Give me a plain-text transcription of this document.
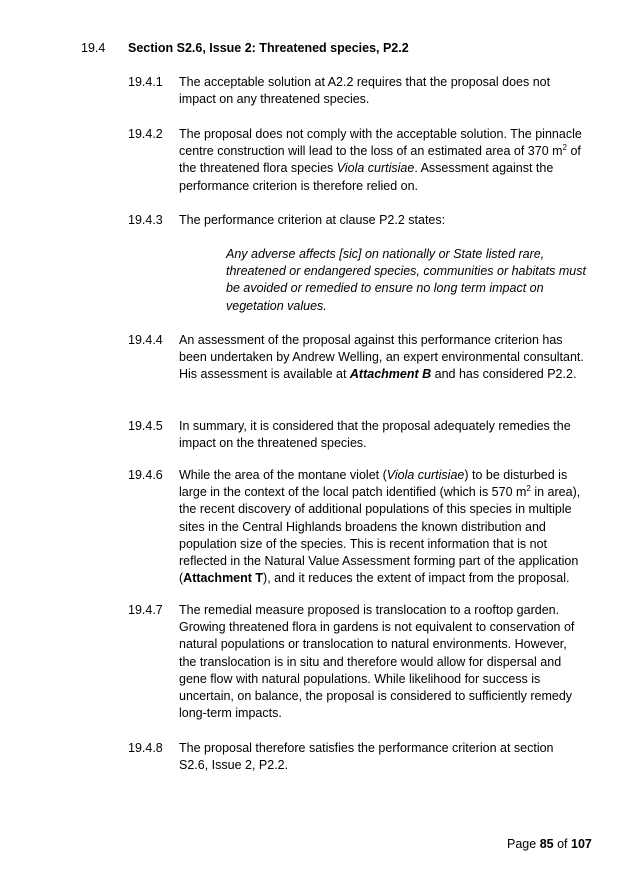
19.4 Section S2.6, Issue 2: Threatened species, P2.2
19.4.1 The acceptable solution at A2.2 requires that the proposal does not impact on any threatened species.
19.4.2 The proposal does not comply with the acceptable solution. The pinnacle centre construction will lead to the loss of an estimated area of 370 $m^2$ of the threatened flora species Viola curtisiae. Assessment against the performance criterion is therefore relied on.
19.4.3 The performance criterion at clause P2.2 states:
Any adverse affects [sic] on nationally or State listed rare, threatened or endangered species, communities or habitats must be avoided or remedied to ensure no long term impact on vegetation values.
19.4.4 An assessment of the proposal against this performance criterion has been undertaken by Andrew Welling, an expert environmental consultant. His assessment is available at Attachment B and has considered P2.2.
19.4.5 In summary, it is considered that the proposal adequately remedies the impact on the threatened species.
19.4.6 While the area of the montane violet (Viola curtisiae) to be disturbed is large in the context of the local patch identified (which is 570 $m^2$ in area), the recent discovery of additional populations of this species in multiple sites in the Central Highlands broadens the known distribution and population size of the species. This is recent information that is not reflected in the Natural Value Assessment forming part of the application (Attachment T), and it reduces the extent of impact from the proposal.
19.4.7 The remedial measure proposed is translocation to a rooftop garden. Growing threatened flora in gardens is not equivalent to conservation of natural populations or translocation to natural environments. However, the translocation is in situ and therefore would allow for dispersal and gene flow with natural populations. While likelihood for success is uncertain, on balance, the proposal is considered to sufficiently remedy long-term impacts.
19.4.8 The proposal therefore satisfies the performance criterion at section S2.6, Issue 2, P2.2.
Page 85 of 107
